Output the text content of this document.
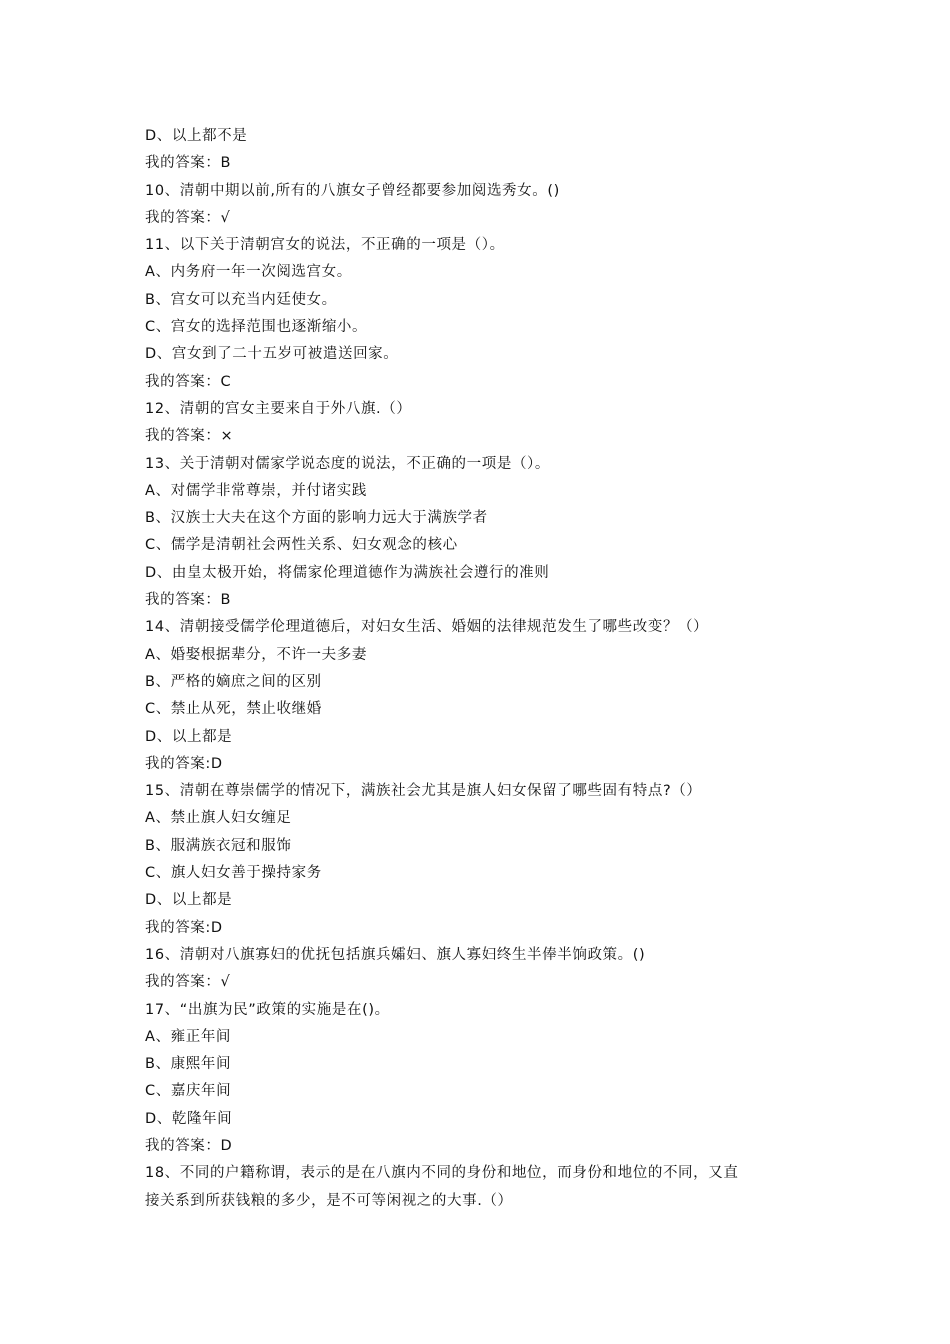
D、以上都不是
我的答案：B
10、清朝中期以前,所有的八旗女子曾经都要参加阅选秀女。()
我的答案：√
11、以下关于清朝宫女的说法，不正确的一项是（）。
A、内务府一年一次阅选宫女。
B、宫女可以充当内廷使女。
C、宫女的选择范围也逐渐缩小。
D、宫女到了二十五岁可被遣送回家。
我的答案：C
12、清朝的宫女主要来自于外八旗.（）
我的答案：×
13、关于清朝对儒家学说态度的说法，不正确的一项是（）。
A、对儒学非常尊崇，并付诸实践
B、汉族士大夫在这个方面的影响力远大于满族学者
C、儒学是清朝社会两性关系、妇女观念的核心
D、由皇太极开始，将儒家伦理道德作为满族社会遵行的准则
我的答案：B
14、清朝接受儒学伦理道德后，对妇女生活、婚姻的法律规范发生了哪些改变？（）
A、婚娶根据辈分，不许一夫多妻
B、严格的嫡庶之间的区别
C、禁止从死，禁止收继婚
D、以上都是
我的答案:D
15、清朝在尊崇儒学的情况下，满族社会尤其是旗人妇女保留了哪些固有特点?（）
A、禁止旗人妇女缠足
B、服满族衣冠和服饰
C、旗人妇女善于操持家务
D、以上都是
我的答案:D
16、清朝对八旗寡妇的优抚包括旗兵孀妇、旗人寡妇终生半俸半饷政策。()
我的答案：√
17、“出旗为民”政策的实施是在()。
A、雍正年间
B、康熙年间
C、嘉庆年间
D、乾隆年间
我的答案：D
18、不同的户籍称谓，表示的是在八旗内不同的身份和地位，而身份和地位的不同，又直
接关系到所获钱粮的多少，是不可等闲视之的大事.（）
